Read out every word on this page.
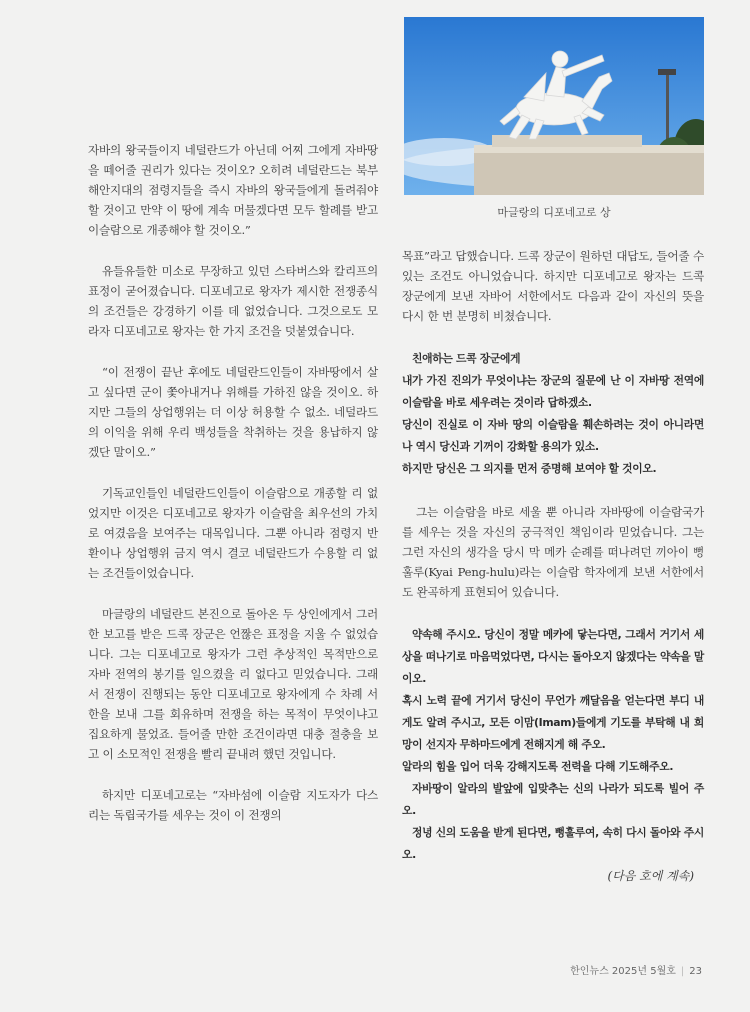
마글랑의 디포네고로 상

자바의 왕국들이지 네덜란드가 아닌데 어찌 그에게 자바땅을 떼어줄 권리가 있다는 것이오? 오히려 네덜란드는 북부 해안지대의 점령지들을 즉시 자바의 왕국들에게 돌려줘야 할 것이고 만약 이 땅에 계속 머물겠다면 모두 할례를 받고 이슬람으로 개종해야 할 것이오.”

유들유들한 미소로 무장하고 있던 스타버스와 칼리프의 표정이 굳어졌습니다. 디포네고로 왕자가 제시한 전쟁종식의 조건들은 강경하기 이를 데 없었습니다. 그것으로도 모라자 디포네고로 왕자는 한 가지 조건을 덧붙였습니다.

“이 전쟁이 끝난 후에도 네덜란드인들이 자바땅에서 살고 싶다면 군이 쫓아내거나 위해를 가하진 않을 것이오. 하지만 그들의 상업행위는 더 이상 허용할 수 없소. 네덜라드의 이익을 위해 우리 백성들을 착취하는 것을 용납하지 않겠단 말이오.”

기독교인들인 네덜란드인들이 이슬람으로 개종할 리 없었지만 이것은 디포네고로 왕자가 이슬람을 최우선의 가치로 여겼음을 보여주는 대목입니다. 그뿐 아니라 점령지 반환이나 상업행위 금지 역시 결코 네덜란드가 수용할 리 없는 조건들이었습니다.

마글랑의 네덜란드 본진으로 돌아온 두 상인에게서 그러한 보고를 받은 드콕 장군은 언짢은 표정을 지울 수 없었습니다. 그는 디포네고로 왕자가 그런 추상적인 목적만으로 자바 전역의 봉기를 일으켰을 리 없다고 믿었습니다. 그래서 전쟁이 진행되는 동안 디포네고로 왕자에게 수 차례 서한을 보내 그를 회유하며 전쟁을 하는 목적이 무엇이냐고 집요하게 물었죠. 들어줄 만한 조건이라면 대충 절충을 보고 이 소모적인 전쟁을 빨리 끝내려 했던 것입니다.

하지만 디포네고로는 “자바섬에 이슬람 지도자가 다스리는 독립국가를 세우는 것이 이 전쟁의

목표”라고 답했습니다. 드콕 장군이 원하던 대답도, 들어줄 수 있는 조건도 아니었습니다. 하지만 디포네고로 왕자는 드콕 장군에게 보낸 자바어 서한에서도 다음과 같이 자신의 뜻을 다시 한 번 분명히 비쳤습니다.

친애하는 드콕 장군에게

내가 가진 진의가 무엇이냐는 장군의 질문에 난 이 자바땅 전역에 이슬람을 바로 세우려는 것이라 답하겠소.

당신이 진실로 이 자바 땅의 이슬람을 훼손하려는 것이 아니라면 나 역시 당신과 기꺼이 강화할 용의가 있소.

하지만 당신은 그 의지를 먼저 증명해 보여야 할 것이오.

그는 이슬람을 바로 세울 뿐 아니라 자바땅에 이슬람국가를 세우는 것을 자신의 궁극적인 책임이라 믿었습니다. 그는 그런 자신의 생각을 당시 막 메카 순례를 떠나려던 끼아이 뻥훌루(Kyai Peng-hulu)라는 이슬람 학자에게 보낸 서한에서도 완곡하게 표현되어 있습니다.

약속해 주시오. 당신이 정말 메카에 닿는다면, 그래서 거기서 세상을 떠나기로 마음먹었다면, 다시는 돌아오지 않겠다는 약속을 말이오.

혹시 노력 끝에 거기서 당신이 무언가 깨달음을 얻는다면 부디 내게도 알려 주시고, 모든 이맘(Imam)들에게 기도를 부탁해 내 희망이 선지자 무하마드에게 전해지게 해 주오.

알라의 힘을 입어 더욱 강해지도록 전력을 다해 기도해주오.

자바땅이 알라의 발앞에 입맞추는 신의 나라가 되도록 빌어 주오.

정녕 신의 도움을 받게 된다면, 뻥훌루여, 속히 다시 돌아와 주시오.

(다음 호에 계속)
한인뉴스 2025년 5월호 | 23
